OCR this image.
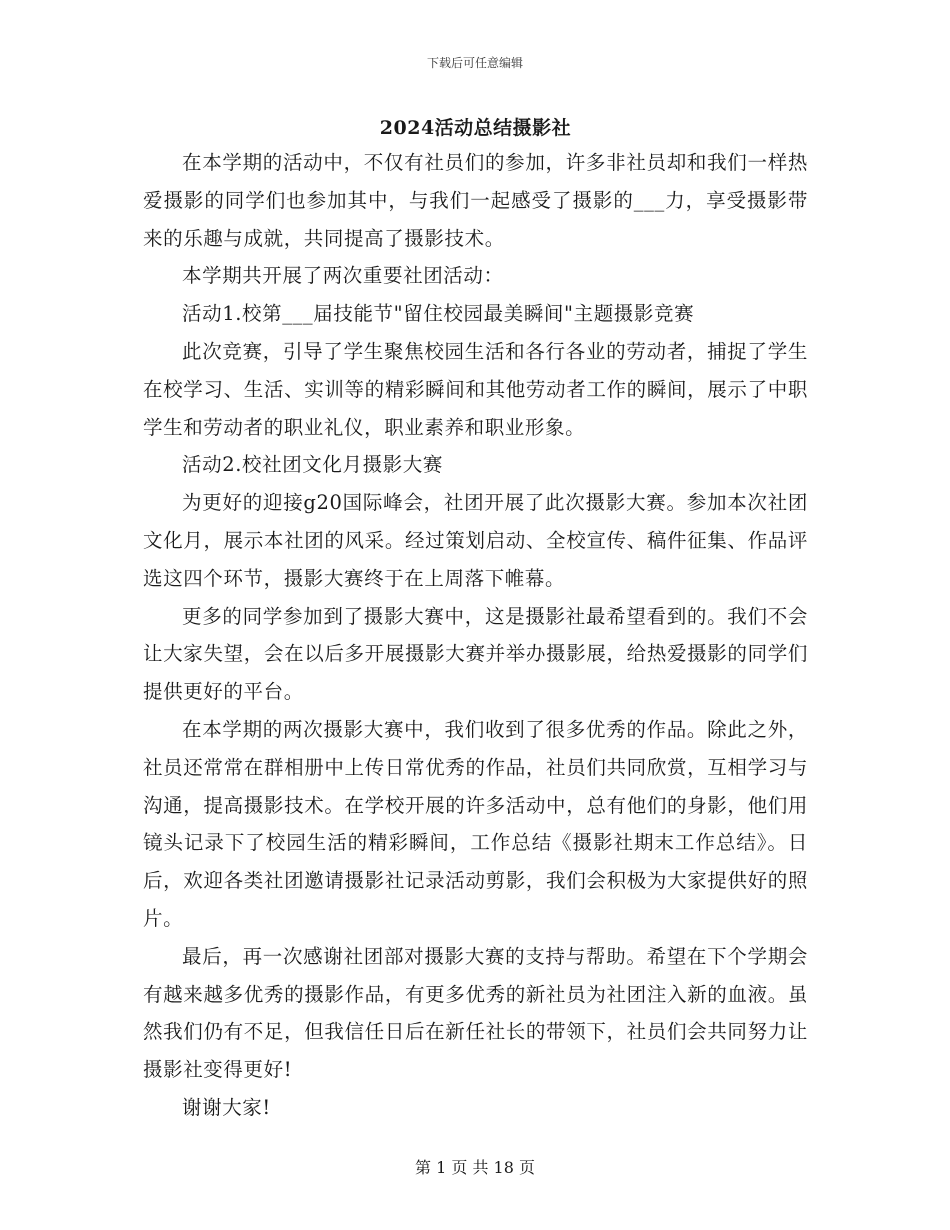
下载后可任意编辑
2024活动总结摄影社

在本学期的活动中，不仅有社员们的参加，许多非社员却和我们一样热爱摄影的同学们也参加其中，与我们一起感受了摄影的___力，享受摄影带来的乐趣与成就，共同提高了摄影技术。

本学期共开展了两次重要社团活动：

活动1.校第___届技能节"留住校园最美瞬间"主题摄影竞赛

此次竞赛，引导了学生聚焦校园生活和各行各业的劳动者，捕捉了学生在校学习、生活、实训等的精彩瞬间和其他劳动者工作的瞬间，展示了中职学生和劳动者的职业礼仪，职业素养和职业形象。

活动2.校社团文化月摄影大赛

为更好的迎接g20国际峰会，社团开展了此次摄影大赛。参加本次社团文化月，展示本社团的风采。经过策划启动、全校宣传、稿件征集、作品评选这四个环节，摄影大赛终于在上周落下帷幕。

更多的同学参加到了摄影大赛中，这是摄影社最希望看到的。我们不会让大家失望，会在以后多开展摄影大赛并举办摄影展，给热爱摄影的同学们提供更好的平台。

在本学期的两次摄影大赛中，我们收到了很多优秀的作品。除此之外，社员还常常在群相册中上传日常优秀的作品，社员们共同欣赏，互相学习与沟通，提高摄影技术。在学校开展的许多活动中，总有他们的身影，他们用镜头记录下了校园生活的精彩瞬间，工作总结《摄影社期末工作总结》。日后，欢迎各类社团邀请摄影社记录活动剪影，我们会积极为大家提供好的照片。

最后，再一次感谢社团部对摄影大赛的支持与帮助。希望在下个学期会有越来越多优秀的摄影作品，有更多优秀的新社员为社团注入新的血液。虽然我们仍有不足，但我信任日后在新任社长的带领下，社员们会共同努力让摄影社变得更好!

谢谢大家!

第 1 页 共 18 页
